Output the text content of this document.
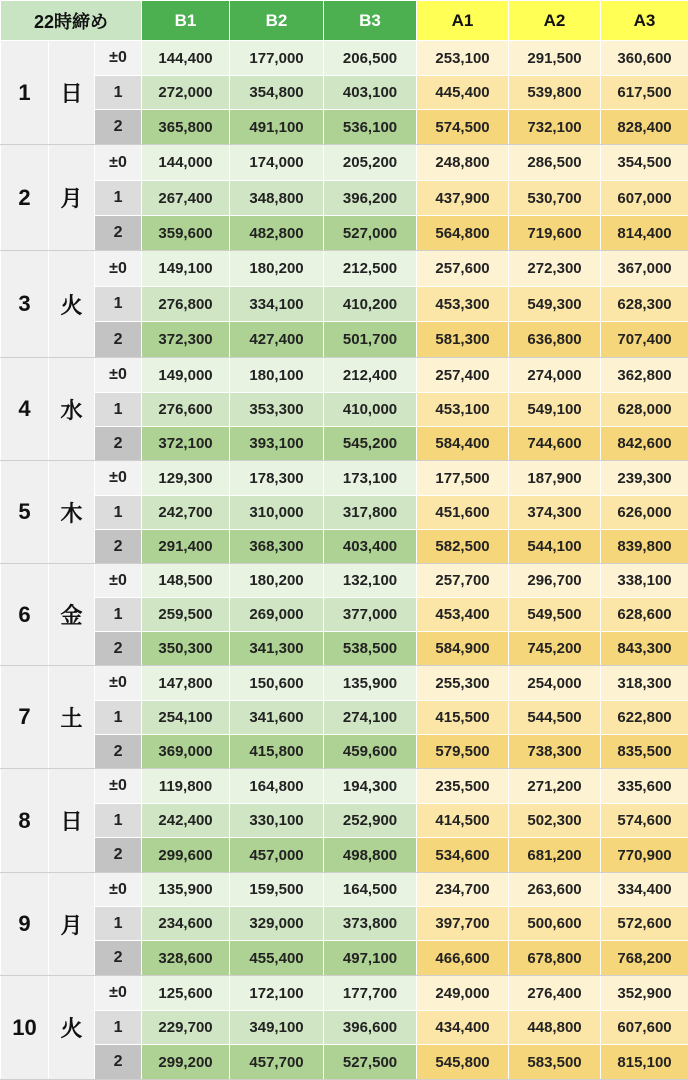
22時締め			B1	B2	B3	A1	A2	A3
1	日	±0	144,400	177,000	206,500	253,100	291,500	360,600
		1	272,000	354,800	403,100	445,400	539,800	617,500
		2	365,800	491,100	536,100	574,500	732,100	828,400
2	月	±0	144,000	174,000	205,200	248,800	286,500	354,500
		1	267,400	348,800	396,200	437,900	530,700	607,000
		2	359,600	482,800	527,000	564,800	719,600	814,400
3	火	±0	149,100	180,200	212,500	257,600	272,300	367,000
		1	276,800	334,100	410,200	453,300	549,300	628,300
		2	372,300	427,400	501,700	581,300	636,800	707,400
4	水	±0	149,000	180,100	212,400	257,400	274,000	362,800
		1	276,600	353,300	410,000	453,100	549,100	628,000
		2	372,100	393,100	545,200	584,400	744,600	842,600
5	木	±0	129,300	178,300	173,100	177,500	187,900	239,300
		1	242,700	310,000	317,800	451,600	374,300	626,000
		2	291,400	368,300	403,400	582,500	544,100	839,800
6	金	±0	148,500	180,200	132,100	257,700	296,700	338,100
		1	259,500	269,000	377,000	453,400	549,500	628,600
		2	350,300	341,300	538,500	584,900	745,200	843,300
7	土	±0	147,800	150,600	135,900	255,300	254,000	318,300
		1	254,100	341,600	274,100	415,500	544,500	622,800
		2	369,000	415,800	459,600	579,500	738,300	835,500
8	日	±0	119,800	164,800	194,300	235,500	271,200	335,600
		1	242,400	330,100	252,900	414,500	502,300	574,600
		2	299,600	457,000	498,800	534,600	681,200	770,900
9	月	±0	135,900	159,500	164,500	234,700	263,600	334,400
		1	234,600	329,000	373,800	397,700	500,600	572,600
		2	328,600	455,400	497,100	466,600	678,800	768,200
10	火	±0	125,600	172,100	177,700	249,000	276,400	352,900
		1	229,700	349,100	396,600	434,400	448,800	607,600
		2	299,200	457,700	527,500	545,800	583,500	815,100
